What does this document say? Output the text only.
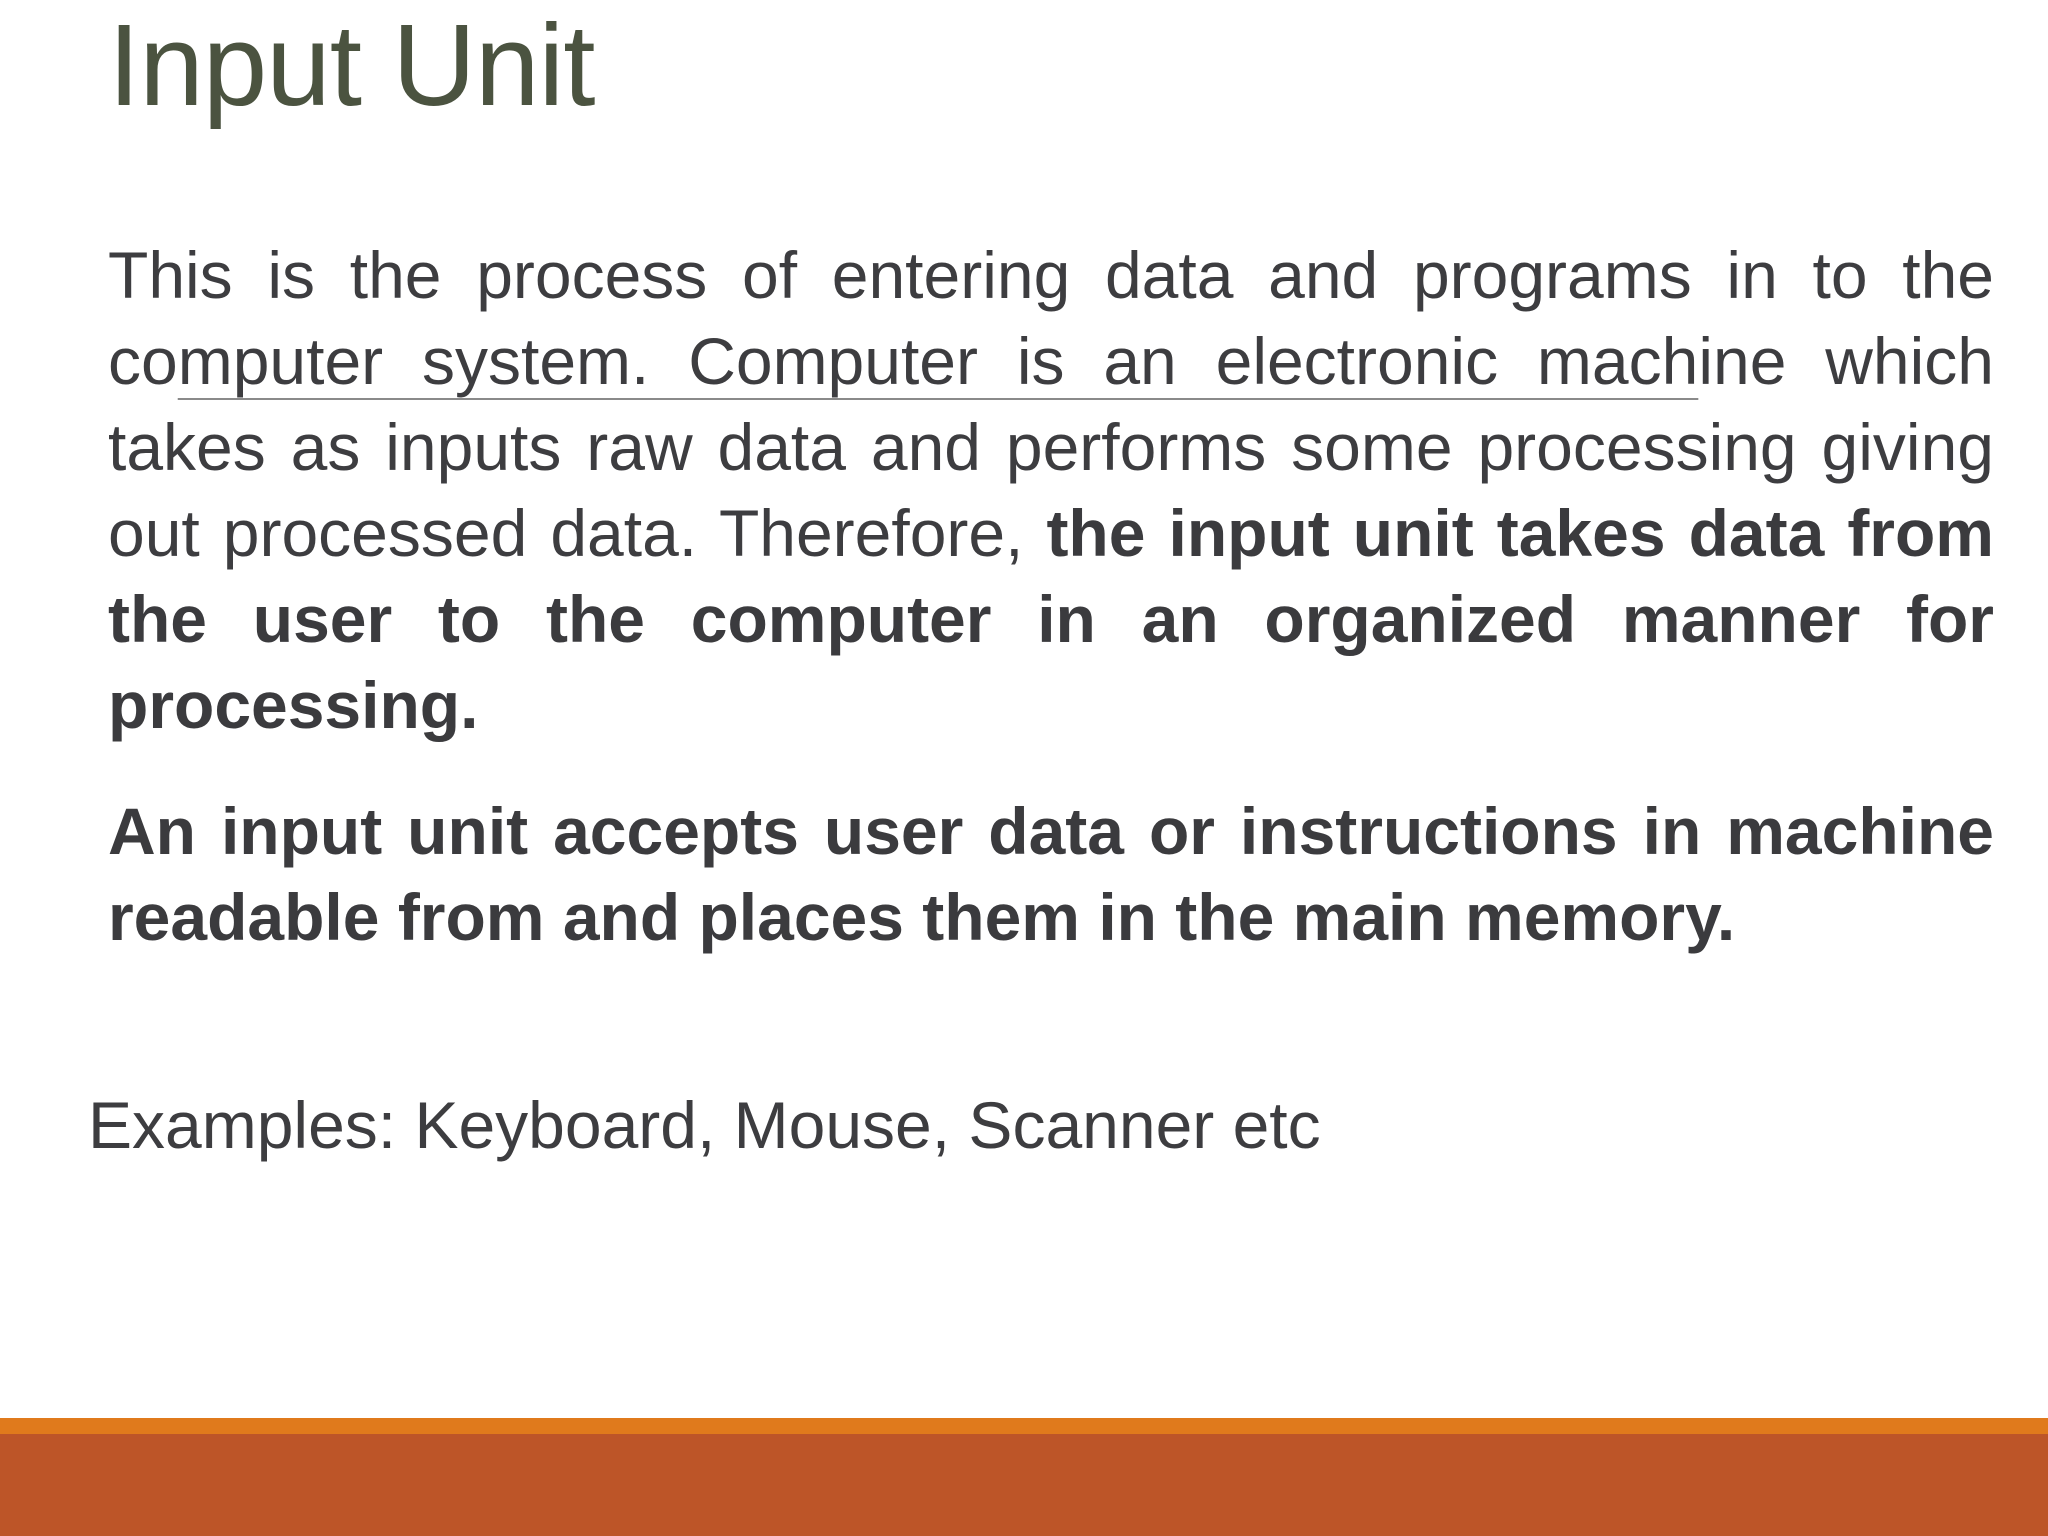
Input Unit

This is the process of entering data and programs in to the computer system. Computer is an electronic machine which takes as inputs raw data and performs some processing giving out processed data. Therefore, the input unit takes data from the user to the computer in an organized manner for processing.

An input unit accepts user data or instructions in machine readable from and places them in the main memory.

Examples: Keyboard, Mouse, Scanner etc
